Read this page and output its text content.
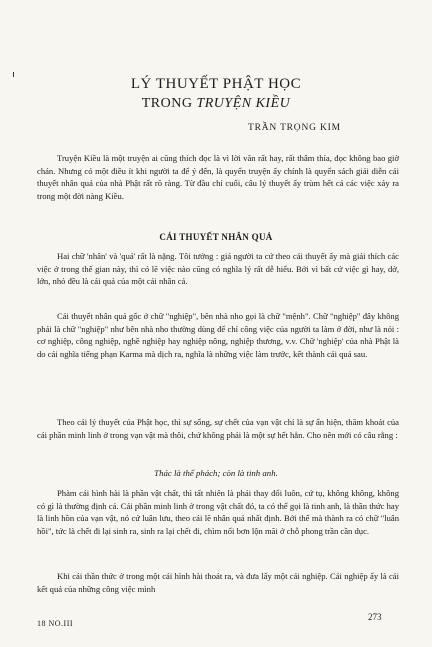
LÝ THUYẾT PHẬT HỌC
TRONG TRUYỆN KIỀU
TRẦN TRỌNG KIM

Truyện Kiều là một truyện ai cũng thích đọc là vì lời văn rất hay, rất thâm thía, đọc không bao giờ chán. Nhưng có một điều ít khi người ta để ý đến, là quyển truyện ấy chính là quyển sách giải diễn cái thuyết nhân quả của nhà Phật rất rõ ràng. Từ đầu chí cuối, câu lý thuyết ấy trùm hết cả các việc xảy ra trong một đời nàng Kiều.

CÁI THUYẾT NHÂN QUẢ

Hai chữ 'nhân' và 'quả' rất là nặng. Tôi tưởng : giá người ta cứ theo cái thuyết ấy mà giải thích các việc ở trong thế gian này, thì có lẽ việc nào cũng có nghĩa lý rất dễ hiểu. Bởi vì bất cứ việc gì hay, dở, lớn, nhỏ đều là cái quả của một cái nhân cả.

Cái thuyết nhân quả gốc ở chữ "nghiệp", bên nhà nho gọi là chữ "mệnh". Chữ "nghiệp" đây không phải là chữ "nghiệp" như bên nhà nho thường dùng để chỉ công việc của người ta làm ở đời, như là nói : cơ nghiệp, công nghiệp, nghề nghiệp hay nghiệp nông, nghiệp thương, v.v. Chữ 'nghiệp' của nhà Phật là do cái nghĩa tiếng phạn Karma mà dịch ra, nghĩa là những việc làm trước, kết thành cái quả sau.

Theo cái lý thuyết của Phật học, thì sự sống, sự chết của vạn vật chỉ là sự ẩn hiện, thăm khoát của cái phần minh linh ở trong vạn vật mà thôi, chứ không phải là một sự hết hẳn. Cho nên mới có câu rằng :

Thác là thể phách; còn là tinh anh.

Phàm cái hình hài là phần vật chất, thì tất nhiên là phải thay đổi luôn, cứ tụ, không không, không có gì là thường định cả. Cái phần minh linh ở trong vật chất đó, ta có thể gọi là tinh anh, là thần thức hay là linh hồn của vạn vật, nó cứ luân lưu, theo cái lẽ nhân quả nhất định. Bởi thế mà thành ra có chữ "luân hồi", tức là chết đi lại sinh ra, sinh ra lại chết đi, chìm nổi bơn lộn mãi ở chỗ phong trần cần dục.

Khi cái thần thức ở trong một cái hình hài thoát ra, và đưa lấy một cái nghiệp. Cái nghiệp ấy là cái kết quả của những công việc mình

18 NO.III
273
